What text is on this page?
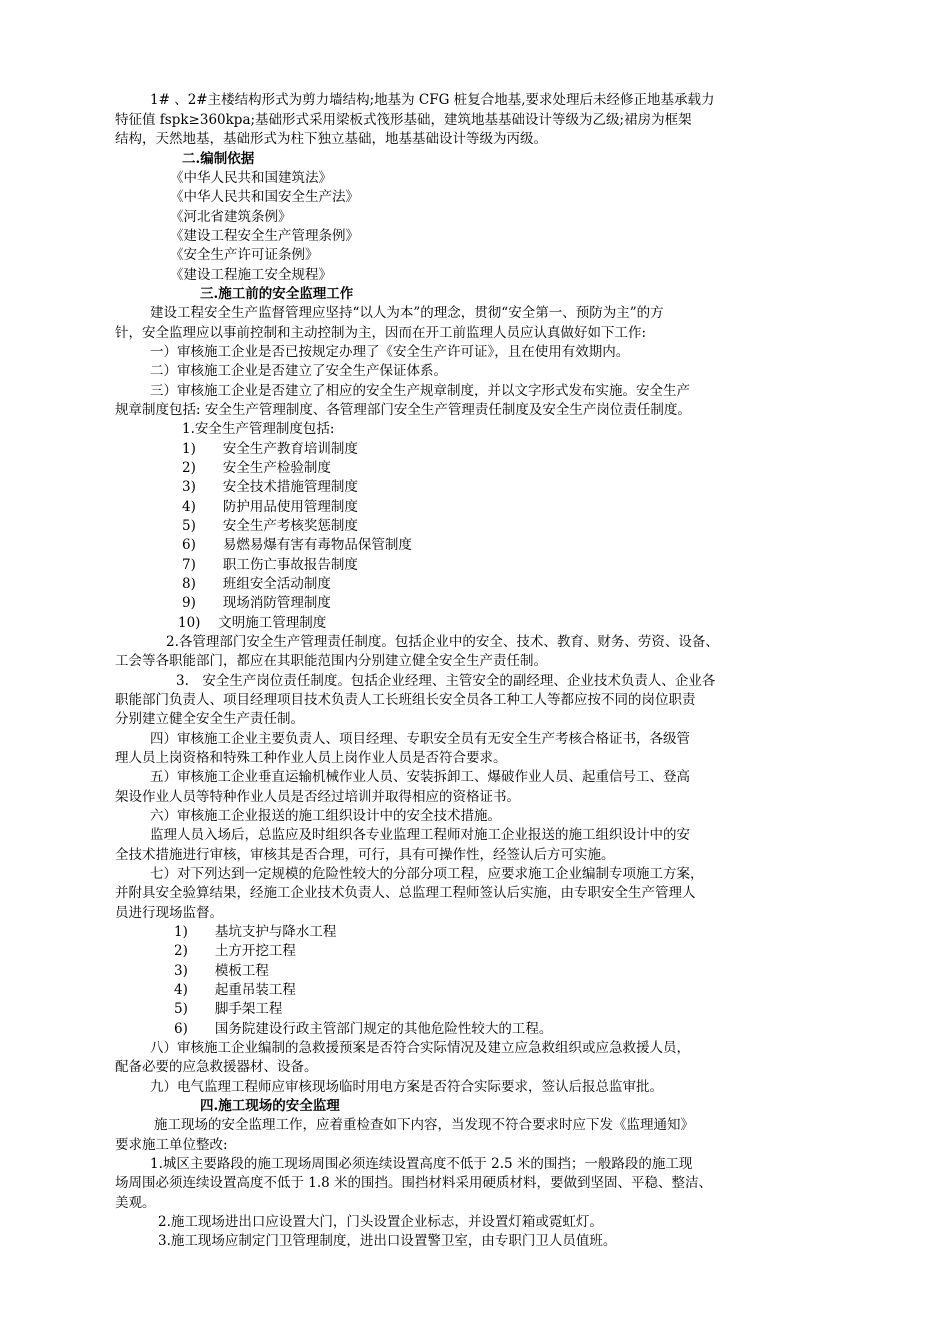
1# 、2#主楼结构形式为剪力墙结构;地基为 CFG 桩复合地基,要求处理后未经修正地基承载力
特征值 fspk≥360kpa;基础形式采用梁板式筏形基础，建筑地基基础设计等级为乙级;裙房为框架
结构，天然地基，基础形式为柱下独立基础，地基基础设计等级为丙级。
二.编制依据
《中华人民共和国建筑法》
《中华人民共和国安全生产法》
《河北省建筑条例》
《建设工程安全生产管理条例》
《安全生产许可证条例》
《建设工程施工安全规程》
三.施工前的安全监理工作
建设工程安全生产监督管理应坚持“以人为本”的理念，贯彻“安全第一、预防为主”的方
针，安全监理应以事前控制和主动控制为主，因而在开工前监理人员应认真做好如下工作:
一）审核施工企业是否已按规定办理了《安全生产许可证》，且在使用有效期内。
二）审核施工企业是否建立了安全生产保证体系。
三）审核施工企业是否建立了相应的安全生产规章制度，并以文字形式发布实施。安全生产
规章制度包括: 安全生产管理制度、各管理部门安全生产管理责任制度及安全生产岗位责任制度。
1.安全生产管理制度包括:
1)　　安全生产教育培训制度
2)　　安全生产检验制度
3)　　安全技术措施管理制度
4)　　防护用品使用管理制度
5)　　安全生产考核奖惩制度
6)　　易燃易爆有害有毒物品保管制度
7)　　职工伤亡事故报告制度
8)　　班组安全活动制度
9)　　现场消防管理制度
10)　 文明施工管理制度
2.各管理部门安全生产管理责任制度。包括企业中的安全、技术、教育、财务、劳资、设备、
工会等各职能部门，都应在其职能范围内分别建立健全安全生产责任制。
3.　安全生产岗位责任制度。包括企业经理、主管安全的副经理、企业技术负责人、企业各
职能部门负责人、项目经理项目技术负责人工长班组长安全员各工种工人等都应按不同的岗位职责
分别建立健全安全生产责任制。
四）审核施工企业主要负责人、项目经理、专职安全员有无安全生产考核合格证书，各级管
理人员上岗资格和特殊工种作业人员上岗作业人员是否符合要求。
五）审核施工企业垂直运输机械作业人员、安装拆卸工、爆破作业人员、起重信号工、登高
架设作业人员等特种作业人员是否经过培训并取得相应的资格证书。
六）审核施工企业报送的施工组织设计中的安全技术措施。
监理人员入场后，总监应及时组织各专业监理工程师对施工企业报送的施工组织设计中的安
全技术措施进行审核，审核其是否合理，可行，具有可操作性，经签认后方可实施。
七）对下列达到一定规模的危险性较大的分部分项工程，应要求施工企业编制专项施工方案，
并附具安全验算结果，经施工企业技术负责人、总监理工程师签认后实施，由专职安全生产管理人
员进行现场监督。
1)　　基坑支护与降水工程
2)　　土方开挖工程
3)　　模板工程
4)　　起重吊装工程
5)　　脚手架工程
6)　　国务院建设行政主管部门规定的其他危险性较大的工程。
八）审核施工企业编制的急救援预案是否符合实际情况及建立应急救组织或应急救援人员，
配备必要的应急救援器材、设备。
九）电气监理工程师应审核现场临时用电方案是否符合实际要求，签认后报总监审批。
四.施工现场的安全监理
施工现场的安全监理工作，应着重检查如下内容，当发现不符合要求时应下发《监理通知》
要求施工单位整改:
1.城区主要路段的施工现场周围必须连续设置高度不低于 2.5 米的围挡；一般路段的施工现
场周围必须连续设置高度不低于 1.8 米的围挡。围挡材料采用硬质材料，要做到坚固、平稳、整洁、
美观。
2.施工现场进出口应设置大门，门头设置企业标志，并设置灯箱或霓虹灯。
3.施工现场应制定门卫管理制度，进出口设置警卫室，由专职门卫人员值班。
